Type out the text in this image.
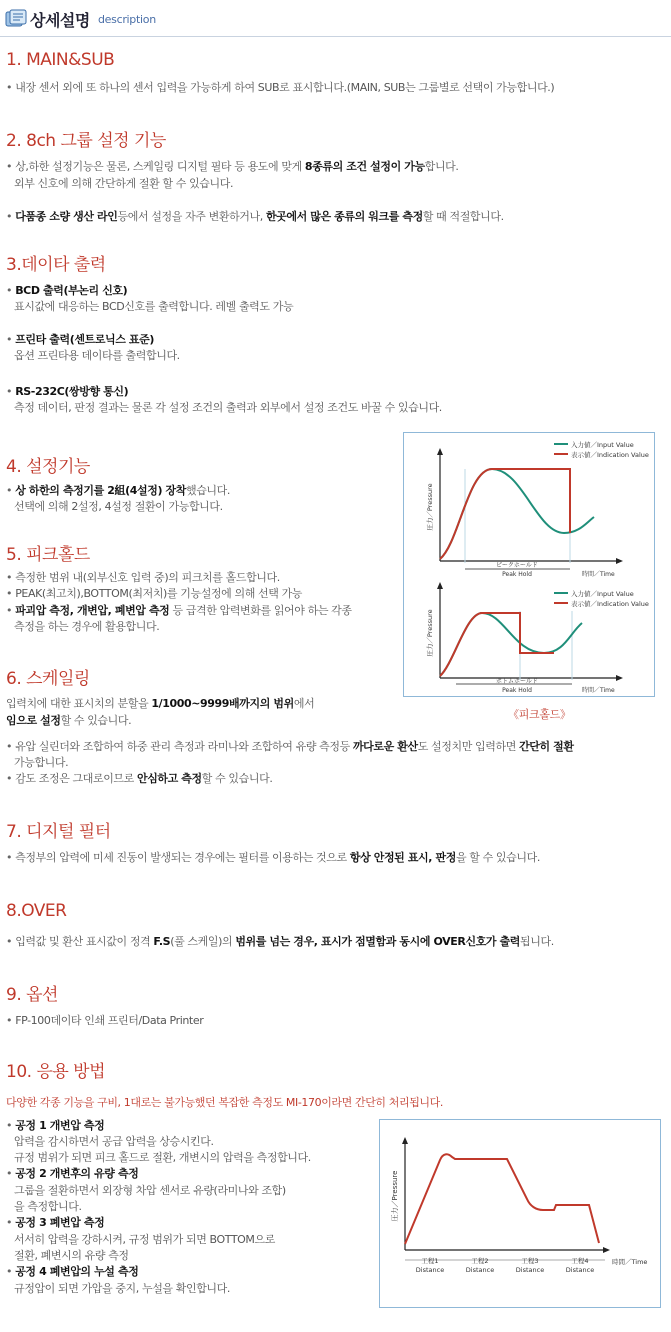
상세설명 description
1. MAIN&SUB
• 내장 센서 외에 또 하나의 센서 입력을 가능하게 하여 SUB로 표시합니다.(MAIN, SUB는 그룹별로 선택이 가능합니다.)
2. 8ch 그룹 설정 기능
• 상,하한 설정기능은 물론, 스케일링 디지털 필타 등 용도에 맞게 8종류의 조건 설정이 가능합니다.
외부 신호에 의해 간단하게 절환 할 수 있습니다.
• 다품종 소량 생산 라인등에서 설정을 자주 변환하거나, 한곳에서 많은 종류의 워크를 측정할 때 적절합니다.
3.데이타 출력
• BCD 출력(부논리 신호)
표시값에 대응하는 BCD신호를 출력합니다. 레벨 출력도 가능
• 프린타 출력(센트로닉스 표준)
옵션 프린타용 데이타를 출력합니다.
• RS-232C(쌍방향 통신)
측정 데이터, 판정 결과는 물론 각 설정 조건의 출력과 외부에서 설정 조건도 바꿀 수 있습니다.
4. 설정기능
• 상 하한의 측정기를 2組(4설정) 장착했습니다.
선택에 의해 2설정, 4설정 절환이 가능합니다.
5. 피크홀드
• 측정한 범위 내(외부신호 입력 중)의 피크치를 홀드합니다.
• PEAK(최고치),BOTTOM(최저치)를 기능설정에 의해 선택 가능
• 파괴압 측정, 개변압, 폐변압 측정 등 급격한 압력변화를 읽어야 하는 각종
측정을 하는 경우에 활용합니다.
入力値／Input Value
表示値／Indication Value
圧力／Pressure
ピークホールド
Peak Hold	時間／Time
入力値／Input Value
表示値／Indication Value
圧力／Pressure
ボトムホールド
Peak Hold	時間／Time
《피크홀드》
6. 스케일링
입력치에 대한 표시치의 분할을 1/1000~9999배까지의 범위에서
임으로 설정할 수 있습니다.
• 유압 실린더와 조합하여 하중 관리 측정과 라미나와 조합하여 유량 측정등 까다로운 환산도 설정치만 입력하면 간단히 절환
가능합니다.
• 감도 조정은 그대로이므로 안심하고 측정할 수 있습니다.
7. 디지털 필터
• 측정부의 압력에 미세 진동이 발생되는 경우에는 필터를 이용하는 것으로 항상 안정된 표시, 판정을 할 수 있습니다.
8.OVER
• 입력값 및 환산 표시값이 정격 F.S(풀 스케일)의 범위를 넘는 경우, 표시가 점멸함과 동시에 OVER신호가 출력됩니다.
9. 옵션
• FP-100데이타 인쇄 프린터/Data Printer
10. 응용 방법
다양한 각종 기능을 구비, 1대로는 불가능했던 복잡한 측정도 MI-170이라면 간단히 처리됩니다.
• 공정 1 개변압 측정
압력을 감시하면서 공급 압력을 상승시킨다.
규정 범위가 되면 피크 홀드로 절환, 개변시의 압력을 측정합니다.
• 공정 2 개변후의 유량 측정
그룹을 절환하면서 외장형 차압 센서로 유량(라미나와 조합)
을 측정합니다.
• 공정 3 폐변압 측정
서서히 압력을 강하시켜, 규정 범위가 되면 BOTTOM으로
절환, 폐변시의 유량 측정
• 공정 4 폐변압의 누설 측정
규정압이 되면 가압을 중지, 누설을 확인합니다.
圧力／Pressure
工程1
Distance
工程2
Distance
工程3
Distance
工程4
Distance
時間／Time
